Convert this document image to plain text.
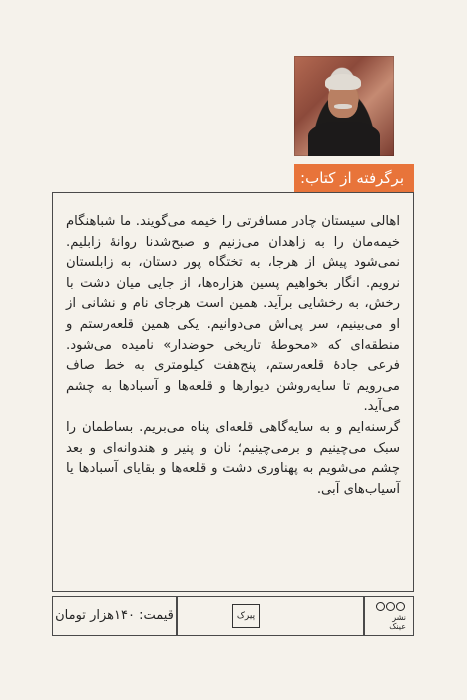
برگرفته از کتاب:

اهالی سیستان چادر مسافرتی را خیمه می‌گویند. ما شباهنگام خیمه‌مان را به زاهدان می‌زنیم و صبح‌شدنا روانهٔ زابلیم. نمی‌شود پیش از هرجا، به تختگاه پور دستان، به زابلستان نرویم. انگار بخواهیم پسین هزاره‌ها، از جایی میان دشت با رخش، به رخشایی برآید. همین است هرجای نام و نشانی از او می‌بینیم، سر پی‌اش می‌دوانیم. یکی همین قلعه‌رستم و منطقه‌ای که «محوطهٔ تاریخی حوضدار» نامیده می‌شود. فرعی جادهٔ قلعه‌رستم، پنج‌هفت کیلومتری به خط صاف می‌رویم تا سایه‌روشن دیوارها و قلعه‌ها و آسبادها به چشم می‌آید.

گرسنه‌ایم و به سایه‌گاهی قلعه‌ای پناه می‌بریم. بساطمان را سبک می‌چینیم و برمی‌چینیم؛ نان و پنیر و هندوانه‌ای و بعد چشم می‌شویم به پهناوری دشت و قلعه‌ها و بقایای آسبادها یا آسیاب‌های آبی.

قیمت: ۱۴۰هزار تومان	پیرک	نشر عینک
